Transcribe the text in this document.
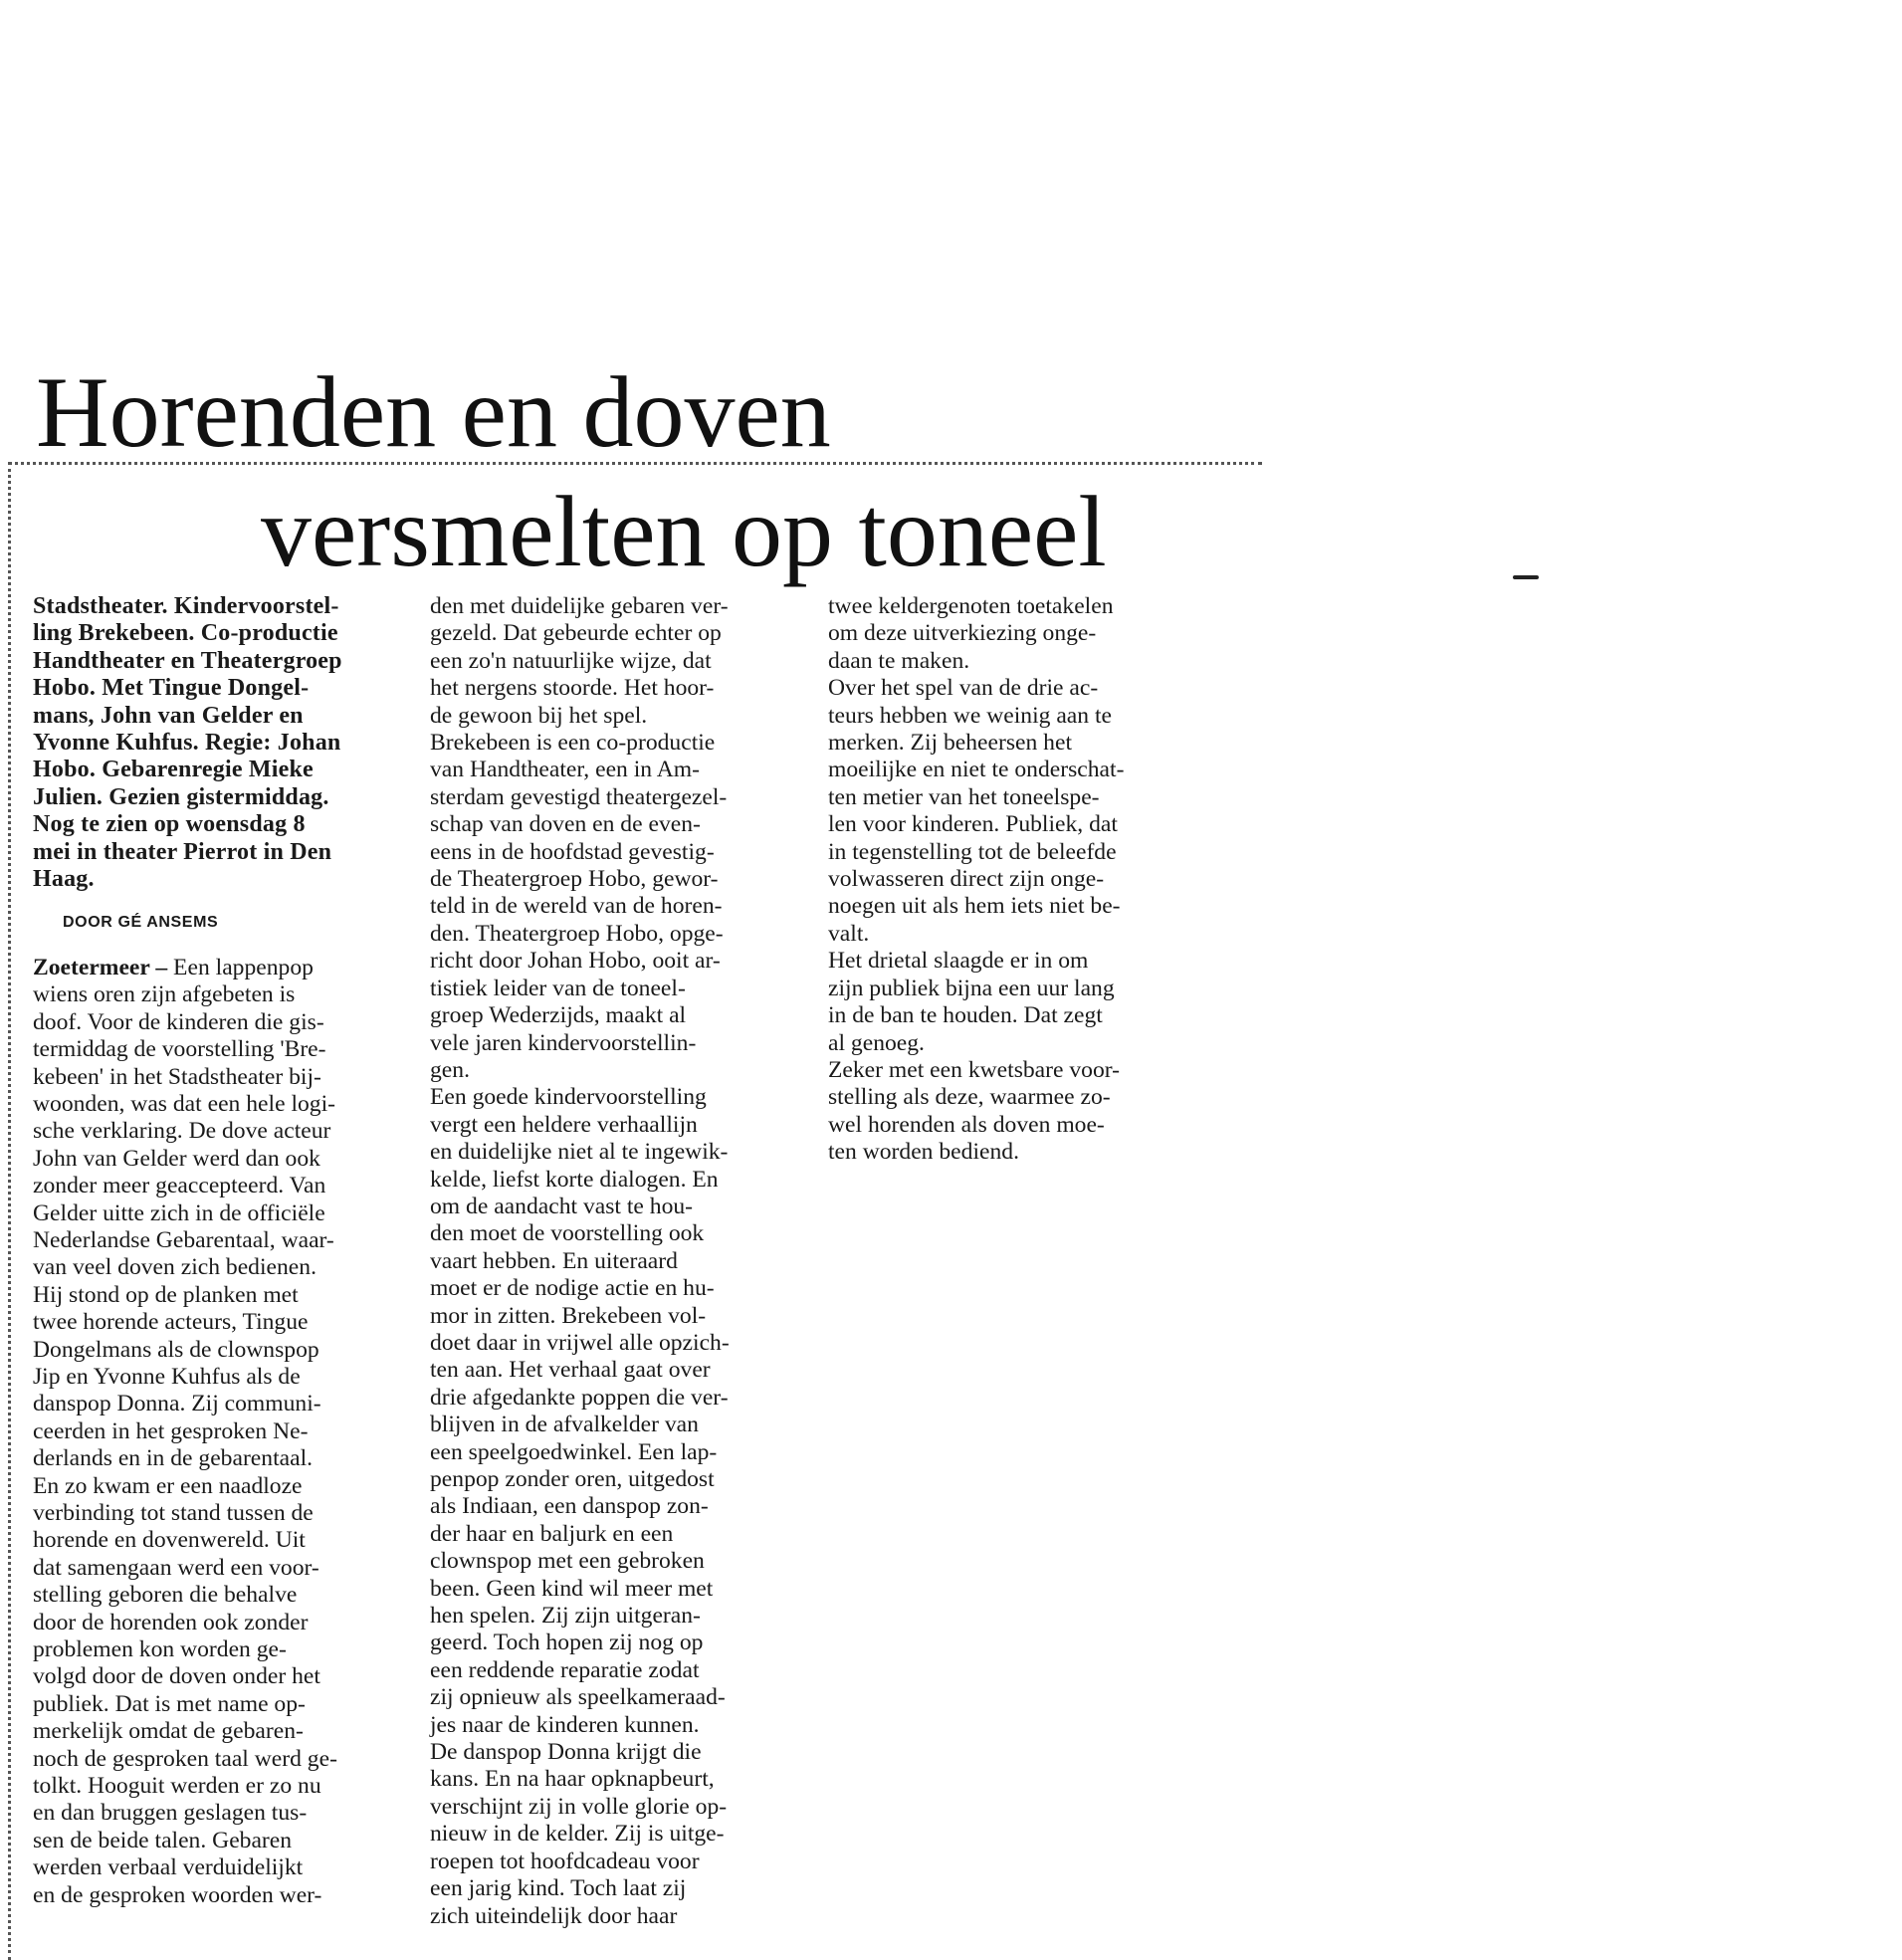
Horenden en doven
versmelten op toneel

Stadstheater. Kindervoorstel-

ling Brekebeen. Co-productie

Handtheater en Theatergroep

Hobo. Met Tingue Dongel-

mans, John van Gelder en

Yvonne Kuhfus. Regie: Johan

Hobo. Gebarenregie Mieke

Julien. Gezien gistermiddag.

Nog te zien op woensdag 8

mei in theater Pierrot in Den

Haag.

DOOR GÉ ANSEMS

Zoetermeer – Een lappenpop

wiens oren zijn afgebeten is

doof. Voor de kinderen die gis-

termiddag de voorstelling 'Bre-

kebeen' in het Stadstheater bij-

woonden, was dat een hele logi-

sche verklaring. De dove acteur

John van Gelder werd dan ook

zonder meer geaccepteerd. Van

Gelder uitte zich in de officiële

Nederlandse Gebarentaal, waar-

van veel doven zich bedienen.

Hij stond op de planken met

twee horende acteurs, Tingue

Dongelmans als de clownspop

Jip en Yvonne Kuhfus als de

danspop Donna. Zij communi-

ceerden in het gesproken Ne-

derlands en in de gebarentaal.

En zo kwam er een naadloze

verbinding tot stand tussen de

horende en dovenwereld. Uit

dat samengaan werd een voor-

stelling geboren die behalve

door de horenden ook zonder

problemen kon worden ge-

volgd door de doven onder het

publiek. Dat is met name op-

merkelijk omdat de gebaren-

noch de gesproken taal werd ge-

tolkt. Hooguit werden er zo nu

en dan bruggen geslagen tus-

sen de beide talen. Gebaren

werden verbaal verduidelijkt

en de gesproken woorden wer-

den met duidelijke gebaren ver-

gezeld. Dat gebeurde echter op

een zo'n natuurlijke wijze, dat

het nergens stoorde. Het hoor-

de gewoon bij het spel.

Brekebeen is een co-productie

van Handtheater, een in Am-

sterdam gevestigd theatergezel-

schap van doven en de even-

eens in de hoofdstad gevestig-

de Theatergroep Hobo, gewor-

teld in de wereld van de horen-

den. Theatergroep Hobo, opge-

richt door Johan Hobo, ooit ar-

tistiek leider van de toneel-

groep Wederzijds, maakt al

vele jaren kindervoorstellin-

gen.

Een goede kindervoorstelling

vergt een heldere verhaallijn

en duidelijke niet al te ingewik-

kelde, liefst korte dialogen. En

om de aandacht vast te hou-

den moet de voorstelling ook

vaart hebben. En uiteraard

moet er de nodige actie en hu-

mor in zitten. Brekebeen vol-

doet daar in vrijwel alle opzich-

ten aan. Het verhaal gaat over

drie afgedankte poppen die ver-

blijven in de afvalkelder van

een speelgoedwinkel. Een lap-

penpop zonder oren, uitgedost

als Indiaan, een danspop zon-

der haar en baljurk en een

clownspop met een gebroken

been. Geen kind wil meer met

hen spelen. Zij zijn uitgeran-

geerd. Toch hopen zij nog op

een reddende reparatie zodat

zij opnieuw als speelkameraad-

jes naar de kinderen kunnen.

De danspop Donna krijgt die

kans. En na haar opknapbeurt,

verschijnt zij in volle glorie op-

nieuw in de kelder. Zij is uitge-

roepen tot hoofdcadeau voor

een jarig kind. Toch laat zij

zich uiteindelijk door haar

twee keldergenoten toetakelen

om deze uitverkiezing onge-

daan te maken.

Over het spel van de drie ac-

teurs hebben we weinig aan te

merken. Zij beheersen het

moeilijke en niet te onderschat-

ten metier van het toneelspe-

len voor kinderen. Publiek, dat

in tegenstelling tot de beleefde

volwasseren direct zijn onge-

noegen uit als hem iets niet be-

valt.

Het drietal slaagde er in om

zijn publiek bijna een uur lang

in de ban te houden. Dat zegt

al genoeg.

Zeker met een kwetsbare voor-

stelling als deze, waarmee zo-

wel horenden als doven moe-

ten worden bediend.
